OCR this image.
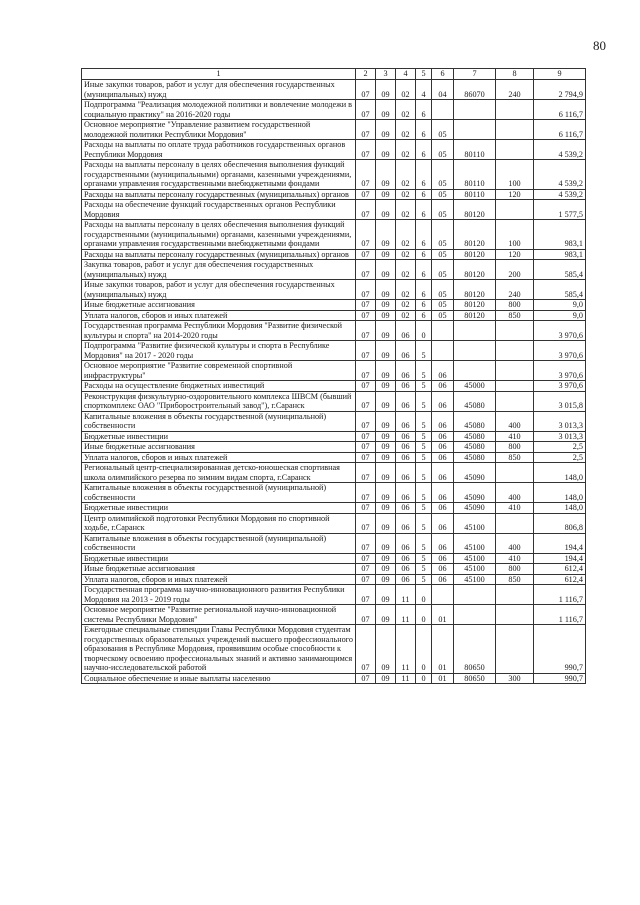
80
1	2	3	4	5	6	7	8	9
Иные закупки товаров, работ и услуг для обеспечения государственных (муниципальных) нужд	07	09	02	4	04	86070	240	2 794,9
Подпрограмма "Реализация молодежной политики и вовлечение молодежи в социальную практику" на 2016-2020 годы	07	09	02	6				6 116,7
Основное мероприятие "Управление развитием государственной молодежной политики Республики Мордовия"	07	09	02	6	05			6 116,7
Расходы на выплаты по оплате труда работников государственных органов Республики Мордовия	07	09	02	6	05	80110		4 539,2
Расходы на выплаты персоналу в целях обеспечения выполнения функций государственными (муниципальными) органами, казенными учреждениями, органами управления государственными внебюджетными фондами	07	09	02	6	05	80110	100	4 539,2
Расходы на выплаты персоналу государственных (муниципальных) органов	07	09	02	6	05	80110	120	4 539,2
Расходы на обеспечение функций государственных органов Республики Мордовия	07	09	02	6	05	80120		1 577,5
Расходы на выплаты персоналу в целях обеспечения выполнения функций государственными (муниципальными) органами, казенными учреждениями, органами управления государственными внебюджетными фондами	07	09	02	6	05	80120	100	983,1
Расходы на выплаты персоналу государственных (муниципальных) органов	07	09	02	6	05	80120	120	983,1
Закупка товаров, работ и услуг для обеспечения государственных (муниципальных) нужд	07	09	02	6	05	80120	200	585,4
Иные закупки товаров, работ и услуг для обеспечения государственных (муниципальных) нужд	07	09	02	6	05	80120	240	585,4
Иные бюджетные ассигнования	07	09	02	6	05	80120	800	9,0
Уплата налогов, сборов и иных платежей	07	09	02	6	05	80120	850	9,0
Государственная программа Республики Мордовия "Развитие физической культуры и спорта" на 2014-2020 годы	07	09	06	0				3 970,6
Подпрограмма "Развитие физической культуры и спорта в Республике Мордовия" на 2017 - 2020 годы	07	09	06	5				3 970,6
Основное мероприятие "Развитие современной спортивной инфраструктуры"	07	09	06	5	06			3 970,6
Расходы на осуществление бюджетных инвестиций	07	09	06	5	06	45000		3 970,6
Реконструкция физкультурно-оздоровительного комплекса ШВСМ (бывший спорткомплекс ОАО "Приборостроительный завод"), г.Саранск	07	09	06	5	06	45080		3 015,8
Капитальные вложения в объекты государственной (муниципальной) собственности	07	09	06	5	06	45080	400	3 013,3
Бюджетные инвестиции	07	09	06	5	06	45080	410	3 013,3
Иные бюджетные ассигнования	07	09	06	5	06	45080	800	2,5
Уплата налогов, сборов и иных платежей	07	09	06	5	06	45080	850	2,5
Региональный центр-специализированная детско-юношеская спортивная школа олимпийского резерва по зимним видам спорта, г.Саранск	07	09	06	5	06	45090		148,0
Капитальные вложения в объекты государственной (муниципальной) собственности	07	09	06	5	06	45090	400	148,0
Бюджетные инвестиции	07	09	06	5	06	45090	410	148,0
Центр олимпийской подготовки Республики Мордовия по спортивной ходьбе, г.Саранск	07	09	06	5	06	45100		806,8
Капитальные вложения в объекты государственной (муниципальной) собственности	07	09	06	5	06	45100	400	194,4
Бюджетные инвестиции	07	09	06	5	06	45100	410	194,4
Иные бюджетные ассигнования	07	09	06	5	06	45100	800	612,4
Уплата налогов, сборов и иных платежей	07	09	06	5	06	45100	850	612,4
Государственная программа научно-инновационного развития Республики Мордовия на 2013 - 2019 годы	07	09	11	0				1 116,7
Основное мероприятие "Развитие региональной научно-инновационной системы Республики Мордовия"	07	09	11	0	01			1 116,7
Ежегодные специальные стипендии Главы Республики Мордовия студентам государственных образовательных учреждений высшего профессионального образования в Республике Мордовия, проявившим особые способности к творческому освоению профессиональных знаний и активно занимающимся научно-исследовательской работой	07	09	11	0	01	80650		990,7
Социальное обеспечение и иные выплаты населению	07	09	11	0	01	80650	300	990,7
